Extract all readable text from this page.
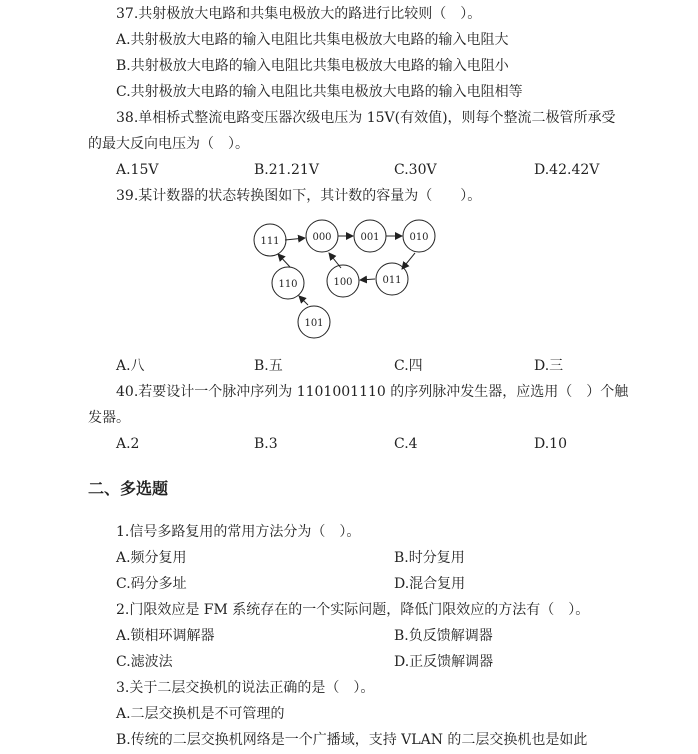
37.共射极放大电路和共集电极放大的路进行比较则（　）。
A.共射极放大电路的输入电阻比共集电极放大电路的输入电阻大
B.共射极放大电路的输入电阻比共集电极放大电路的输入电阻小
C.共射极放大电路的输入电阻比共集电极放大电路的输入电阻相等
38.单相桥式整流电路变压器次级电压为 15V(有效值)，则每个整流二极管所承受
的最大反向电压为（　）。
A.15V	B.21.21V	C.30V	D.42.42V
39.某计数器的状态转换图如下，其计数的容量为（　　）。
111	000	001	010
011
100
110
101
A.八	B.五	C.四	D.三
40.若要设计一个脉冲序列为 1101001110 的序列脉冲发生器，应选用（　）个触
发器。
A.2	B.3	C.4	D.10
二、多选题
1.信号多路复用的常用方法分为（　）。
A.频分复用	B.时分复用
C.码分多址	D.混合复用
2.门限效应是 FM 系统存在的一个实际问题，降低门限效应的方法有（　）。
A.锁相环调解器	B.负反馈解调器
C.滤波法	D.正反馈解调器
3.关于二层交换机的说法正确的是（　）。
A.二层交换机是不可管理的
B.传统的二层交换机网络是一个广播域，支持 VLAN 的二层交换机也是如此
